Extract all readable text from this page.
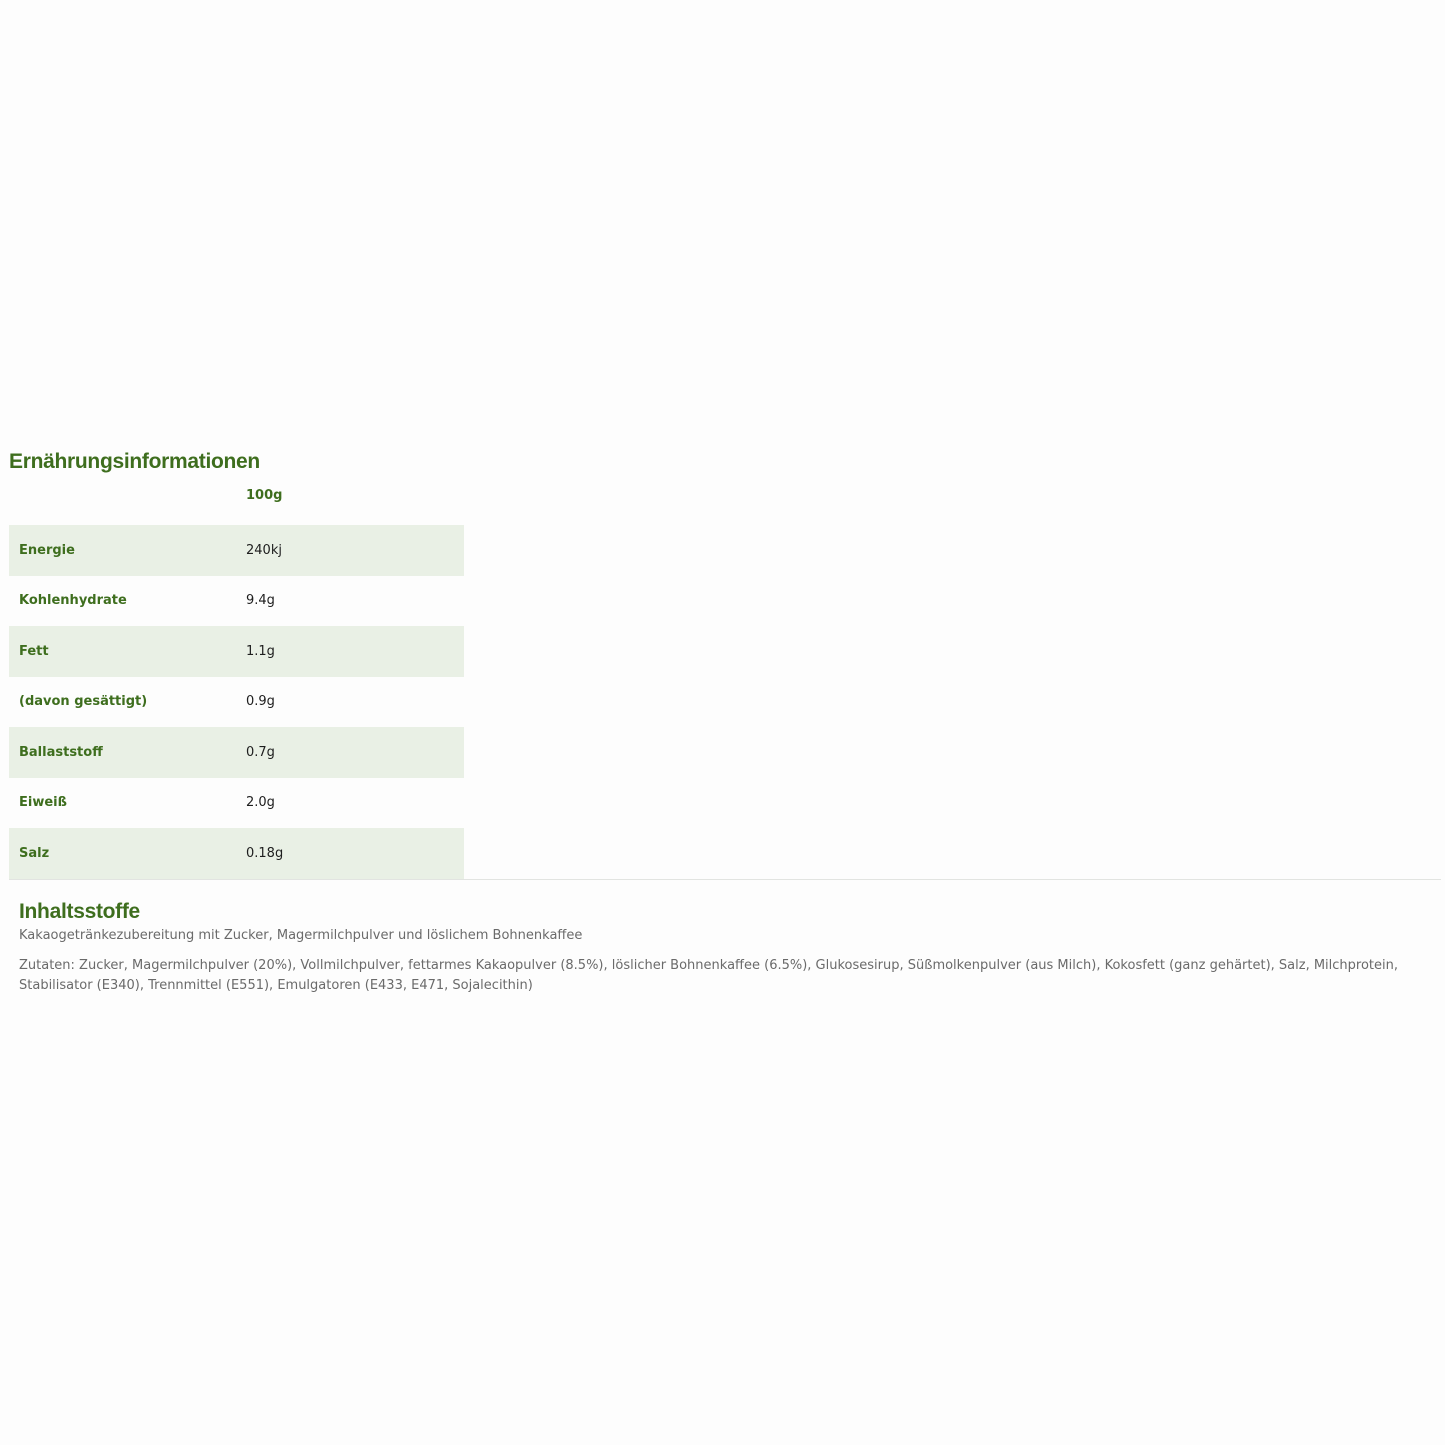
Ernährungsinformationen
	100g
Energie	240kj
Kohlenhydrate	9.4g
Fett	1.1g
(davon gesättigt)	0.9g
Ballaststoff	0.7g
Eiweiß	2.0g
Salz	0.18g
Inhaltsstoffe

Kakaogetränkezubereitung mit Zucker, Magermilchpulver und löslichem Bohnenkaffee

Zutaten: Zucker, Magermilchpulver (20%), Vollmilchpulver, fettarmes Kakaopulver (8.5%), löslicher Bohnenkaffee (6.5%), Glukosesirup, Süßmolkenpulver (aus Milch), Kokosfett (ganz gehärtet), Salz, Milchprotein, Stabilisator (E340), Trennmittel (E551), Emulgatoren (E433, E471, Sojalecithin)
